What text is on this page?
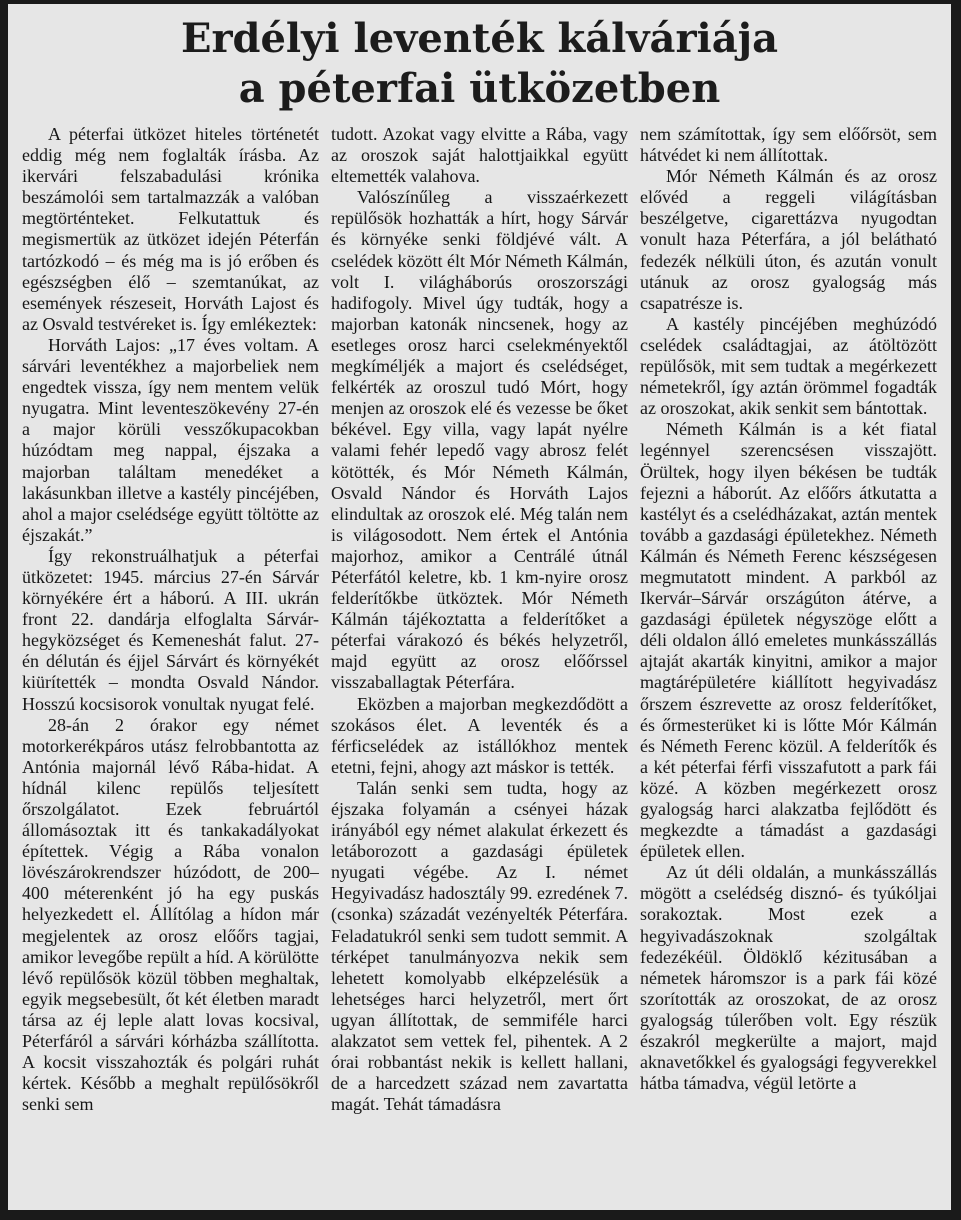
Erdélyi leventék kálváriája
a péterfai ütközetben

A péterfai ütközet hiteles történetét eddig még nem foglalták írásba. Az ikervári felszabadulási krónika beszámolói sem tartalmazzák a valóban megtörténteket. Felkutattuk és megismertük az ütközet idején Péterfán tartózkodó – és még ma is jó erőben és egészségben élő – szemtanúkat, az események részeseit, Horváth Lajost és az Osvald testvéreket is. Így emlékeztek:

Horváth Lajos: „17 éves voltam. A sárvári leventékhez a majorbeliek nem engedtek vissza, így nem mentem velük nyugatra. Mint leventeszökevény 27-én a major körüli vesszőkupacokban húzódtam meg nappal, éjszaka a majorban találtam menedéket a lakásunkban illetve a kastély pincéjében, ahol a major cselédsége együtt töltötte az éjszakát.”

Így rekonstruálhatjuk a péterfai ütközetet: 1945. március 27-én Sárvár környékére ért a háború. A III. ukrán front 22. dandárja elfoglalta Sárvár-hegyközséget és Kemeneshát falut. 27-én délután és éjjel Sárvárt és környékét kiürítették – mondta Osvald Nándor. Hosszú kocsisorok vonultak nyugat felé.

28-án 2 órakor egy német motorkerékpáros utász felrobbantotta az Antónia majornál lévő Rába-hidat. A hídnál kilenc repülős teljesített őrszolgálatot. Ezek februártól állomásoztak itt és tankakadályokat építettek. Végig a Rába vonalon lövészárokrendszer húzódott, de 200–400 méterenként jó ha egy puskás helyezkedett el. Állítólag a hídon már megjelentek az orosz előőrs tagjai, amikor levegőbe repült a híd. A körülötte lévő repülősök közül többen meghaltak, egyik megsebesült, őt két életben maradt társa az éj leple alatt lovas kocsival, Péterfáról a sárvári kórházba szállította. A kocsit visszahozták és polgári ruhát kértek. Később a meghalt repülősökről senki sem

tudott. Azokat vagy elvitte a Rába, vagy az oroszok saját halottjaikkal együtt eltemették valahova.

Valószínűleg a visszaérkezett repülősök hozhatták a hírt, hogy Sárvár és környéke senki földjévé vált. A cselédek között élt Mór Németh Kálmán, volt I. világháborús oroszországi hadifogoly. Mivel úgy tudták, hogy a majorban katonák nincsenek, hogy az esetleges orosz harci cselekményektől megkíméljék a majort és cselédséget, felkérték az oroszul tudó Mórt, hogy menjen az oroszok elé és vezesse be őket békével. Egy villa, vagy lapát nyélre valami fehér lepedő vagy abrosz felét kötötték, és Mór Németh Kálmán, Osvald Nándor és Horváth Lajos elindultak az oroszok elé. Még talán nem is világosodott. Nem értek el Antónia majorhoz, amikor a Centrálé útnál Péterfától keletre, kb. 1 km-nyire orosz felderítőkbe ütköztek. Mór Németh Kálmán tájékoztatta a felderítőket a péterfai várakozó és békés helyzetről, majd együtt az orosz előőrssel visszaballagtak Péterfára.

Eközben a majorban megkezdődött a szokásos élet. A leventék és a férficselédek az istállókhoz mentek etetni, fejni, ahogy azt máskor is tették.

Talán senki sem tudta, hogy az éjszaka folyamán a csényei házak irányából egy német alakulat érkezett és letáborozott a gazdasági épületek nyugati végébe. Az I. német Hegyivadász hadosztály 99. ezredének 7. (csonka) századát vezényelték Péterfára. Feladatukról senki sem tudott semmit. A térképet tanulmányozva nekik sem lehetett komolyabb elképzelésük a lehetséges harci helyzetről, mert őrt ugyan állítottak, de semmiféle harci alakzatot sem vettek fel, pihentek. A 2 órai robbantást nekik is kellett hallani, de a harcedzett század nem zavartatta magát. Tehát támadásra

nem számítottak, így sem előőrsöt, sem hátvédet ki nem állítottak.

Mór Németh Kálmán és az orosz elővéd a reggeli világításban beszélgetve, cigarettázva nyugodtan vonult haza Péterfára, a jól belátható fedezék nélküli úton, és azután vonult utánuk az orosz gyalogság más csapatrésze is.

A kastély pincéjében meghúzódó cselédek családtagjai, az átöltözött repülősök, mit sem tudtak a megérkezett németekről, így aztán örömmel fogadták az oroszokat, akik senkit sem bántottak.

Németh Kálmán is a két fiatal legénnyel szerencsésen visszajött. Örültek, hogy ilyen békésen be tudták fejezni a háborút. Az előőrs átkutatta a kastélyt és a cselédházakat, aztán mentek tovább a gazdasági épületekhez. Németh Kálmán és Németh Ferenc készségesen megmutatott mindent. A parkból az Ikervár–Sárvár országúton átérve, a gazdasági épületek négyszöge előtt a déli oldalon álló emeletes munkásszállás ajtaját akarták kinyitni, amikor a major magtárépületére kiállított hegyivadász őrszem észrevette az orosz felderítőket, és őrmesterüket ki is lőtte Mór Kálmán és Németh Ferenc közül. A felderítők és a két péterfai férfi visszafutott a park fái közé. A közben megérkezett orosz gyalogság harci alakzatba fejlődött és megkezdte a támadást a gazdasági épületek ellen.

Az út déli oldalán, a munkásszállás mögött a cselédség disznó- és tyúkóljai sorakoztak. Most ezek a hegyivadászoknak szolgáltak fedezékéül. Öldöklő kézitusában a németek háromszor is a park fái közé szorították az oroszokat, de az orosz gyalogság túlerőben volt. Egy részük északról megkerülte a majort, majd aknavetőkkel és gyalogsági fegyverekkel hátba támadva, végül letörte a
